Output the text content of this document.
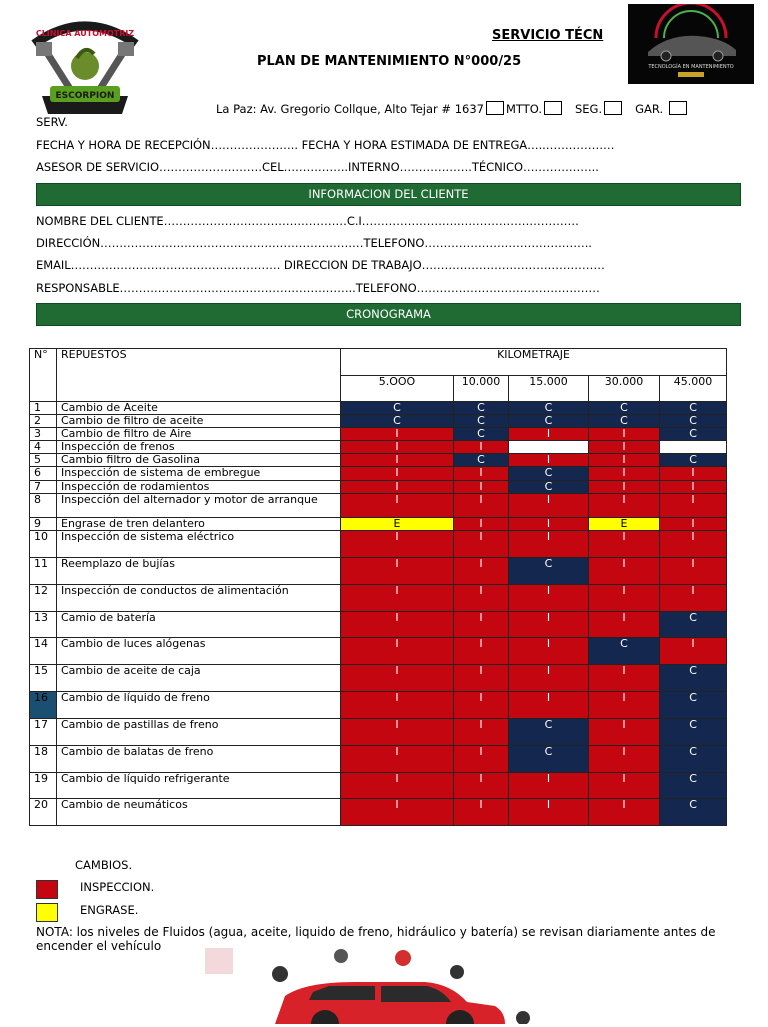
CLINICA AUTOMOTRIZ
ESCORPION
TECNOLOGÍA EN MANTENIMIENTO
SERVICIO TÉCN
PLAN DE MANTENIMIENTO N°000/25
La Paz: Av. Gregorio Collque, Alto Tejar # 1637 MTTO.	SEG.	GAR.
SERV.
FECHA Y HORA DE RECEPCIÓN………………….. FECHA Y HORA ESTIMADA DE ENTREGA…..………………
ASESOR DE SERVICIO………………………CEL……………..INTERNO……………….TÉCNICO………………..
INFORMACION DEL CLIENTE
NOMBRE DEL CLIENTE…………………………………………C.I……………………..………………………….
DIRECCIÓN……………………………………………………………TELEFONO……………………………………..
EMAIL………………………………………………. DIRECCION DE TRABAJO…………………………………………
RESPONSABLE……………………………………………………..TELEFONO…………………………………………
CRONOGRAMA
N°	REPUESTOS	KILOMETRAJE				
		5.OOO	10.000	15.000	30.000	45.000
1	Cambio de Aceite	C	C	C	C	C
2	Cambio de filtro de aceite	C	C	C	C	C
3	Cambio de filtro de Aire	I	C	I	I	C
4	Inspección de frenos	I	I		I	
5	Cambio filtro de Gasolina	I	C	I	I	C
6	Inspección de sistema de embregue	I	I	C	I	I
7	Inspección de rodamientos	I	I	C	I	I
8	Inspección del alternador y motor de arranque	I	I	I	I	I
9	Engrase de tren delantero	E	I	I	E	I
10	Inspección de sistema eléctrico	I	I	I	I	I
11	Reemplazo de bujías	I	I	C	I	I
12	Inspección de conductos de alimentación	I	I	I	I	I
13	Camio de batería	I	I	I	I	C
14	Cambio de luces alógenas	I	I	I	C	I
15	Cambio de aceite de caja	I	I	I	I	C
16	Cambio de líquido de freno	I	I	I	I	C
17	Cambio de pastillas de freno	I	I	C	I	C
18	Cambio de balatas de freno	I	I	C	I	C
19	Cambio de líquido refrigerante	I	I	I	I	C
20	Cambio de neumáticos	I	I	I	I	C
CAMBIOS.
INSPECCION.
ENGRASE.
NOTA: los niveles de Fluidos (agua, aceite, liquido de freno, hidráulico y batería) se revisan diariamente antes de encender el vehículo
